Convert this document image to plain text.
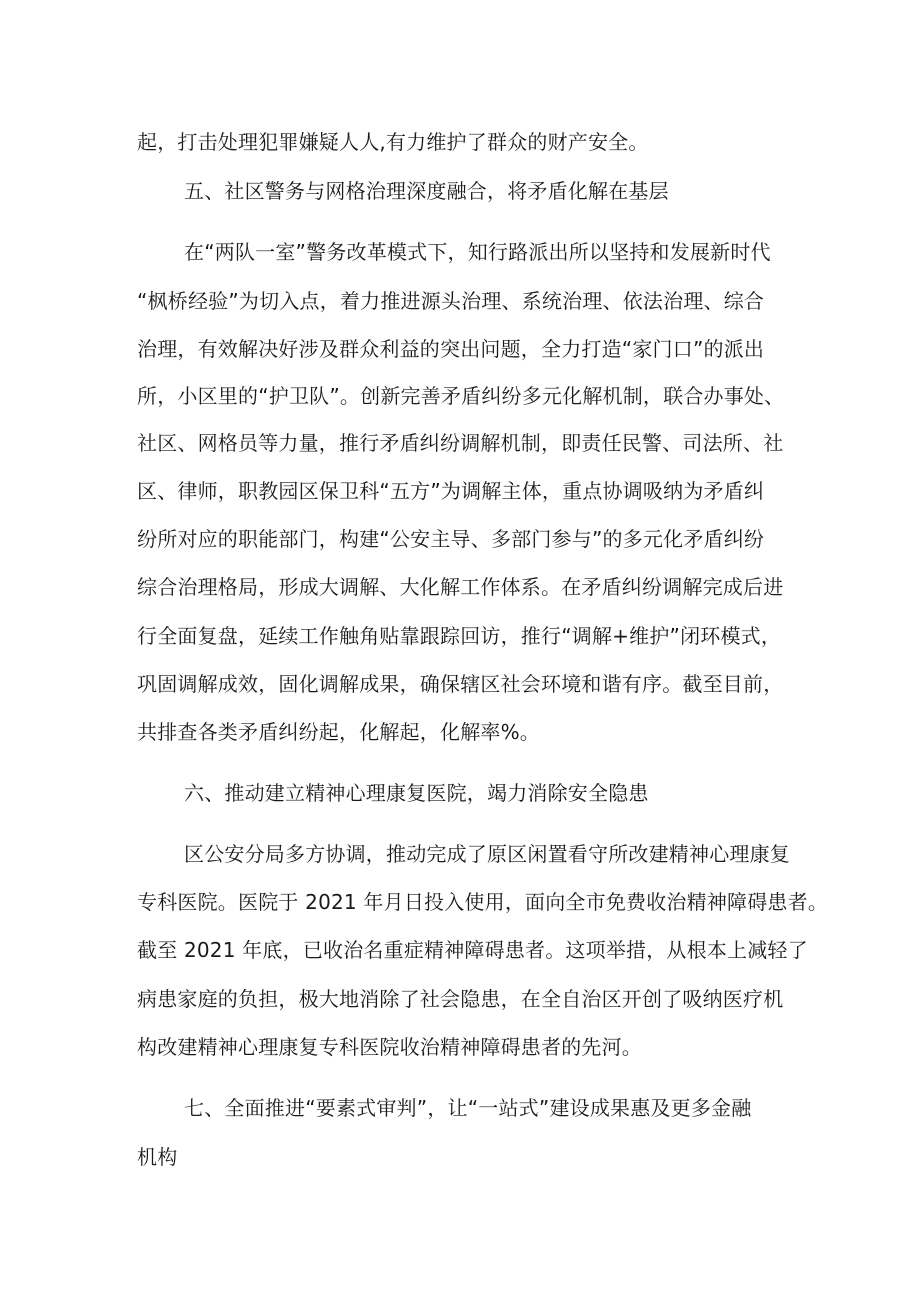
起，打击处理犯罪嫌疑人人,有力维护了群众的财产安全。
五、社区警务与网格治理深度融合，将矛盾化解在基层
在“两队一室”警务改革模式下，知行路派出所以坚持和发展新时代
“枫桥经验”为切入点，着力推进源头治理、系统治理、依法治理、综合
治理，有效解决好涉及群众利益的突出问题，全力打造“家门口”的派出
所，小区里的“护卫队”。创新完善矛盾纠纷多元化解机制，联合办事处、
社区、网格员等力量，推行矛盾纠纷调解机制，即责任民警、司法所、社
区、律师，职教园区保卫科“五方”为调解主体，重点协调吸纳为矛盾纠
纷所对应的职能部门，构建“公安主导、多部门参与”的多元化矛盾纠纷
综合治理格局，形成大调解、大化解工作体系。在矛盾纠纷调解完成后进
行全面复盘，延续工作触角贴靠跟踪回访，推行“调解+维护”闭环模式，
巩固调解成效，固化调解成果，确保辖区社会环境和谐有序。截至目前，
共排查各类矛盾纠纷起，化解起，化解率%。
六、推动建立精神心理康复医院，竭力消除安全隐患
区公安分局多方协调，推动完成了原区闲置看守所改建精神心理康复
专科医院。医院于 2021 年月日投入使用，面向全市免费收治精神障碍患者。
截至 2021 年底，已收治名重症精神障碍患者。这项举措，从根本上减轻了
病患家庭的负担，极大地消除了社会隐患，在全自治区开创了吸纳医疗机
构改建精神心理康复专科医院收治精神障碍患者的先河。
七、全面推进“要素式审判”，让“一站式”建设成果惠及更多金融
机构
